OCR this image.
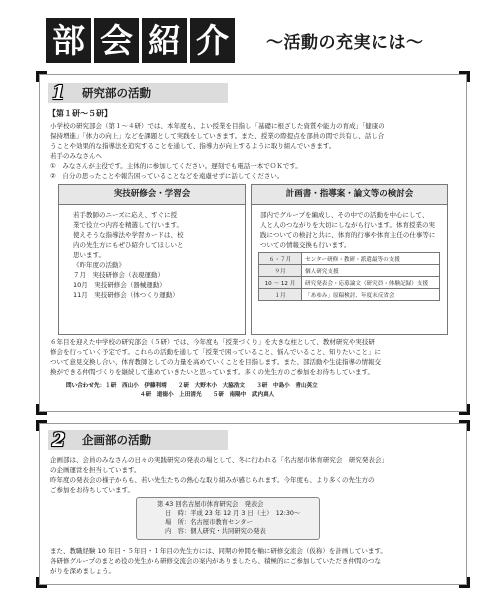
部 会 紹 介	〜活動の充実には〜
1	研究部の活動
【第１研〜５研】
小学校の研究部会（第１〜４研）では、本年度も、よい授業を目指し「基礎に根ざした資質や能力の育成」「健康の
保持増進」「体力の向上」などを課題として実践をしていきます。また、授業の際提点を部員の間で共有し、話し合
うことや効果的な指導法を追究することを通して、指導力が向上するように取り組んでいきます。
若手のみなさんへ
①　みなさんが主役です。主体的に参加してください。遅刻でも電話一本でＯＫです。
②　自分の思ったことや報告困っていることなどを遠慮せずに話してください。
実技研修会・学習会
若手教師のニーズに応え、すぐに授
業で役立つ内容を精選して行います。
使えそうな指導法や学習カードは、校
内の先生方にもぜひ紹介してほしいと
思います。
《昨年度の活動》
７月　実技研修会（表現運動）
10月　実技研修会（器械運動）
11月　実技研修会（体つくり運動）
計画書・指導案・論文等の検討会
部内でグループを編成し、その中での活動を中心にして、
人と人のつながりを大切にしながら行います。体育授業の実
践についての検討と共に、体育的行事や体育主任の仕事等に
ついての情報交換も行います。
６・７月	センター研修・教研・派遣最等の支援
９月	個人研究支援
10 〜 12 月	研究発表会・応募論文（研究員・体験記録）支援
１月	「あゆみ」原稿検討、年度末反省会
６年目を迎えた中学校の研究部会（５研）では、今年度も「授業づくり」を大きな柱として、教材研究や実技研
修会を行っていく予定です。これらの活動を通して「授業で困っていること、悩んでいること、知りたいこと」に
ついて意見交換し合い、体育教師としての力量を高めていくことを目指します。また、部活動や生徒指導の情報交
換ができる仲間づくりを継続して進めていきたいと思っています。多くの先生方のご参加をお待ちしています。
問い合わせ先：１研　西山小　伊藤利靖　　２研　大野木小　大脇浩文　　３研　中島小　青山英立
４研　道徳小　上田清光　　５研　南陽中　武内真人
2	企画部の活動
企画部は、会員のみなさんの日々の実践研究の発表の場として、冬に行われる「名古屋市体育研究会　研究発表会」
の企画運営を担当しています。
昨年度の発表会の様子からも、若い先生たちの熱心な取り組みが感じられます。今年度も、より多くの先生方の
ご参加をお待ちしています。
また、教職経験 10 年目・５年目・１年目の先生方には、同期の仲間を軸に研修交流会（仮称）を計画しています。
各研修グループのまとめ役の先生から研修交流会の案内がありましたら、積極的にご参加していただき仲間のつな
がりを深めましょう。
第 43 回名古屋市体育研究会　発表会
日　時：平成 23 年 12 月 3 日（土）　12:30〜
場　所：名古屋市教育センター
内　容：個人研究・共同研究の発表
